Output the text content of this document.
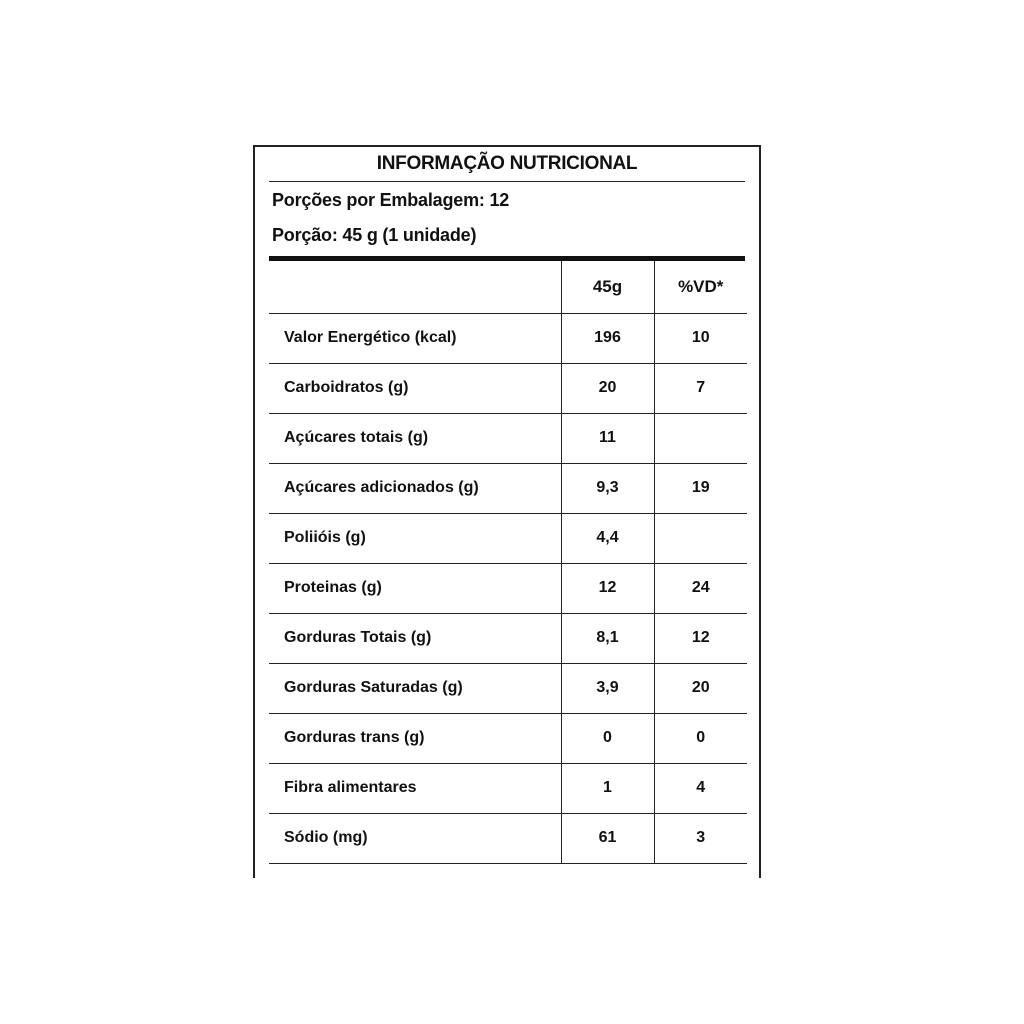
INFORMAÇÃO NUTRICIONAL
Porções por Embalagem: 12
Porção: 45 g (1 unidade)
	45g	%VD*
Valor Energético (kcal)	196	10
Carboidratos (g)	20	7
Açúcares totais (g)	11	
Açúcares adicionados (g)	9,3	19
Poliióis (g)	4,4	
Proteinas (g)	12	24
Gorduras Totais (g)	8,1	12
Gorduras Saturadas (g)	3,9	20
Gorduras trans (g)	0	0
Fibra alimentares	1	4
Sódio (mg)	61	3
